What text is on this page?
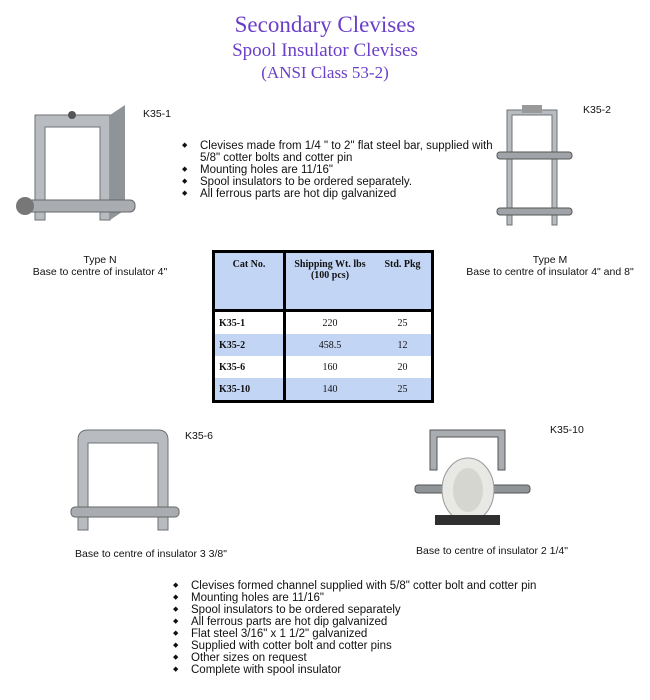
Secondary Clevises
Spool Insulator Clevises
(ANSI Class 53-2)
K35-1
Type N
Base to centre of insulator 4"
K35-2
Type M
Base to centre of insulator 4" and 8"
◆ Clevises made from 1/4 " to 2" flat steel bar, supplied with 5/8" cotter bolts and cotter pin
◆ Mounting holes are 11/16"
◆ Spool insulators to be ordered separately.
◆ All ferrous parts are hot dip galvanized
Cat No.	Shipping Wt. lbs (100 pcs)	Std. Pkg
K35-1	220	25
K35-2	458.5	12
K35-6	160	20
K35-10	140	25
K35-6
Base to centre of insulator 3 3/8"
K35-10
Base to centre of insulator 2 1/4"
◆ Clevises formed channel supplied with 5/8" cotter bolt and cotter pin
◆ Mounting holes are 11/16"
◆ Spool insulators to be ordered separately
◆ All ferrous parts are hot dip galvanized
◆ Flat steel 3/16" x 1 1/2" galvanized
◆ Supplied with cotter bolt and cotter pins
◆ Other sizes on request
◆ Complete with spool insulator
